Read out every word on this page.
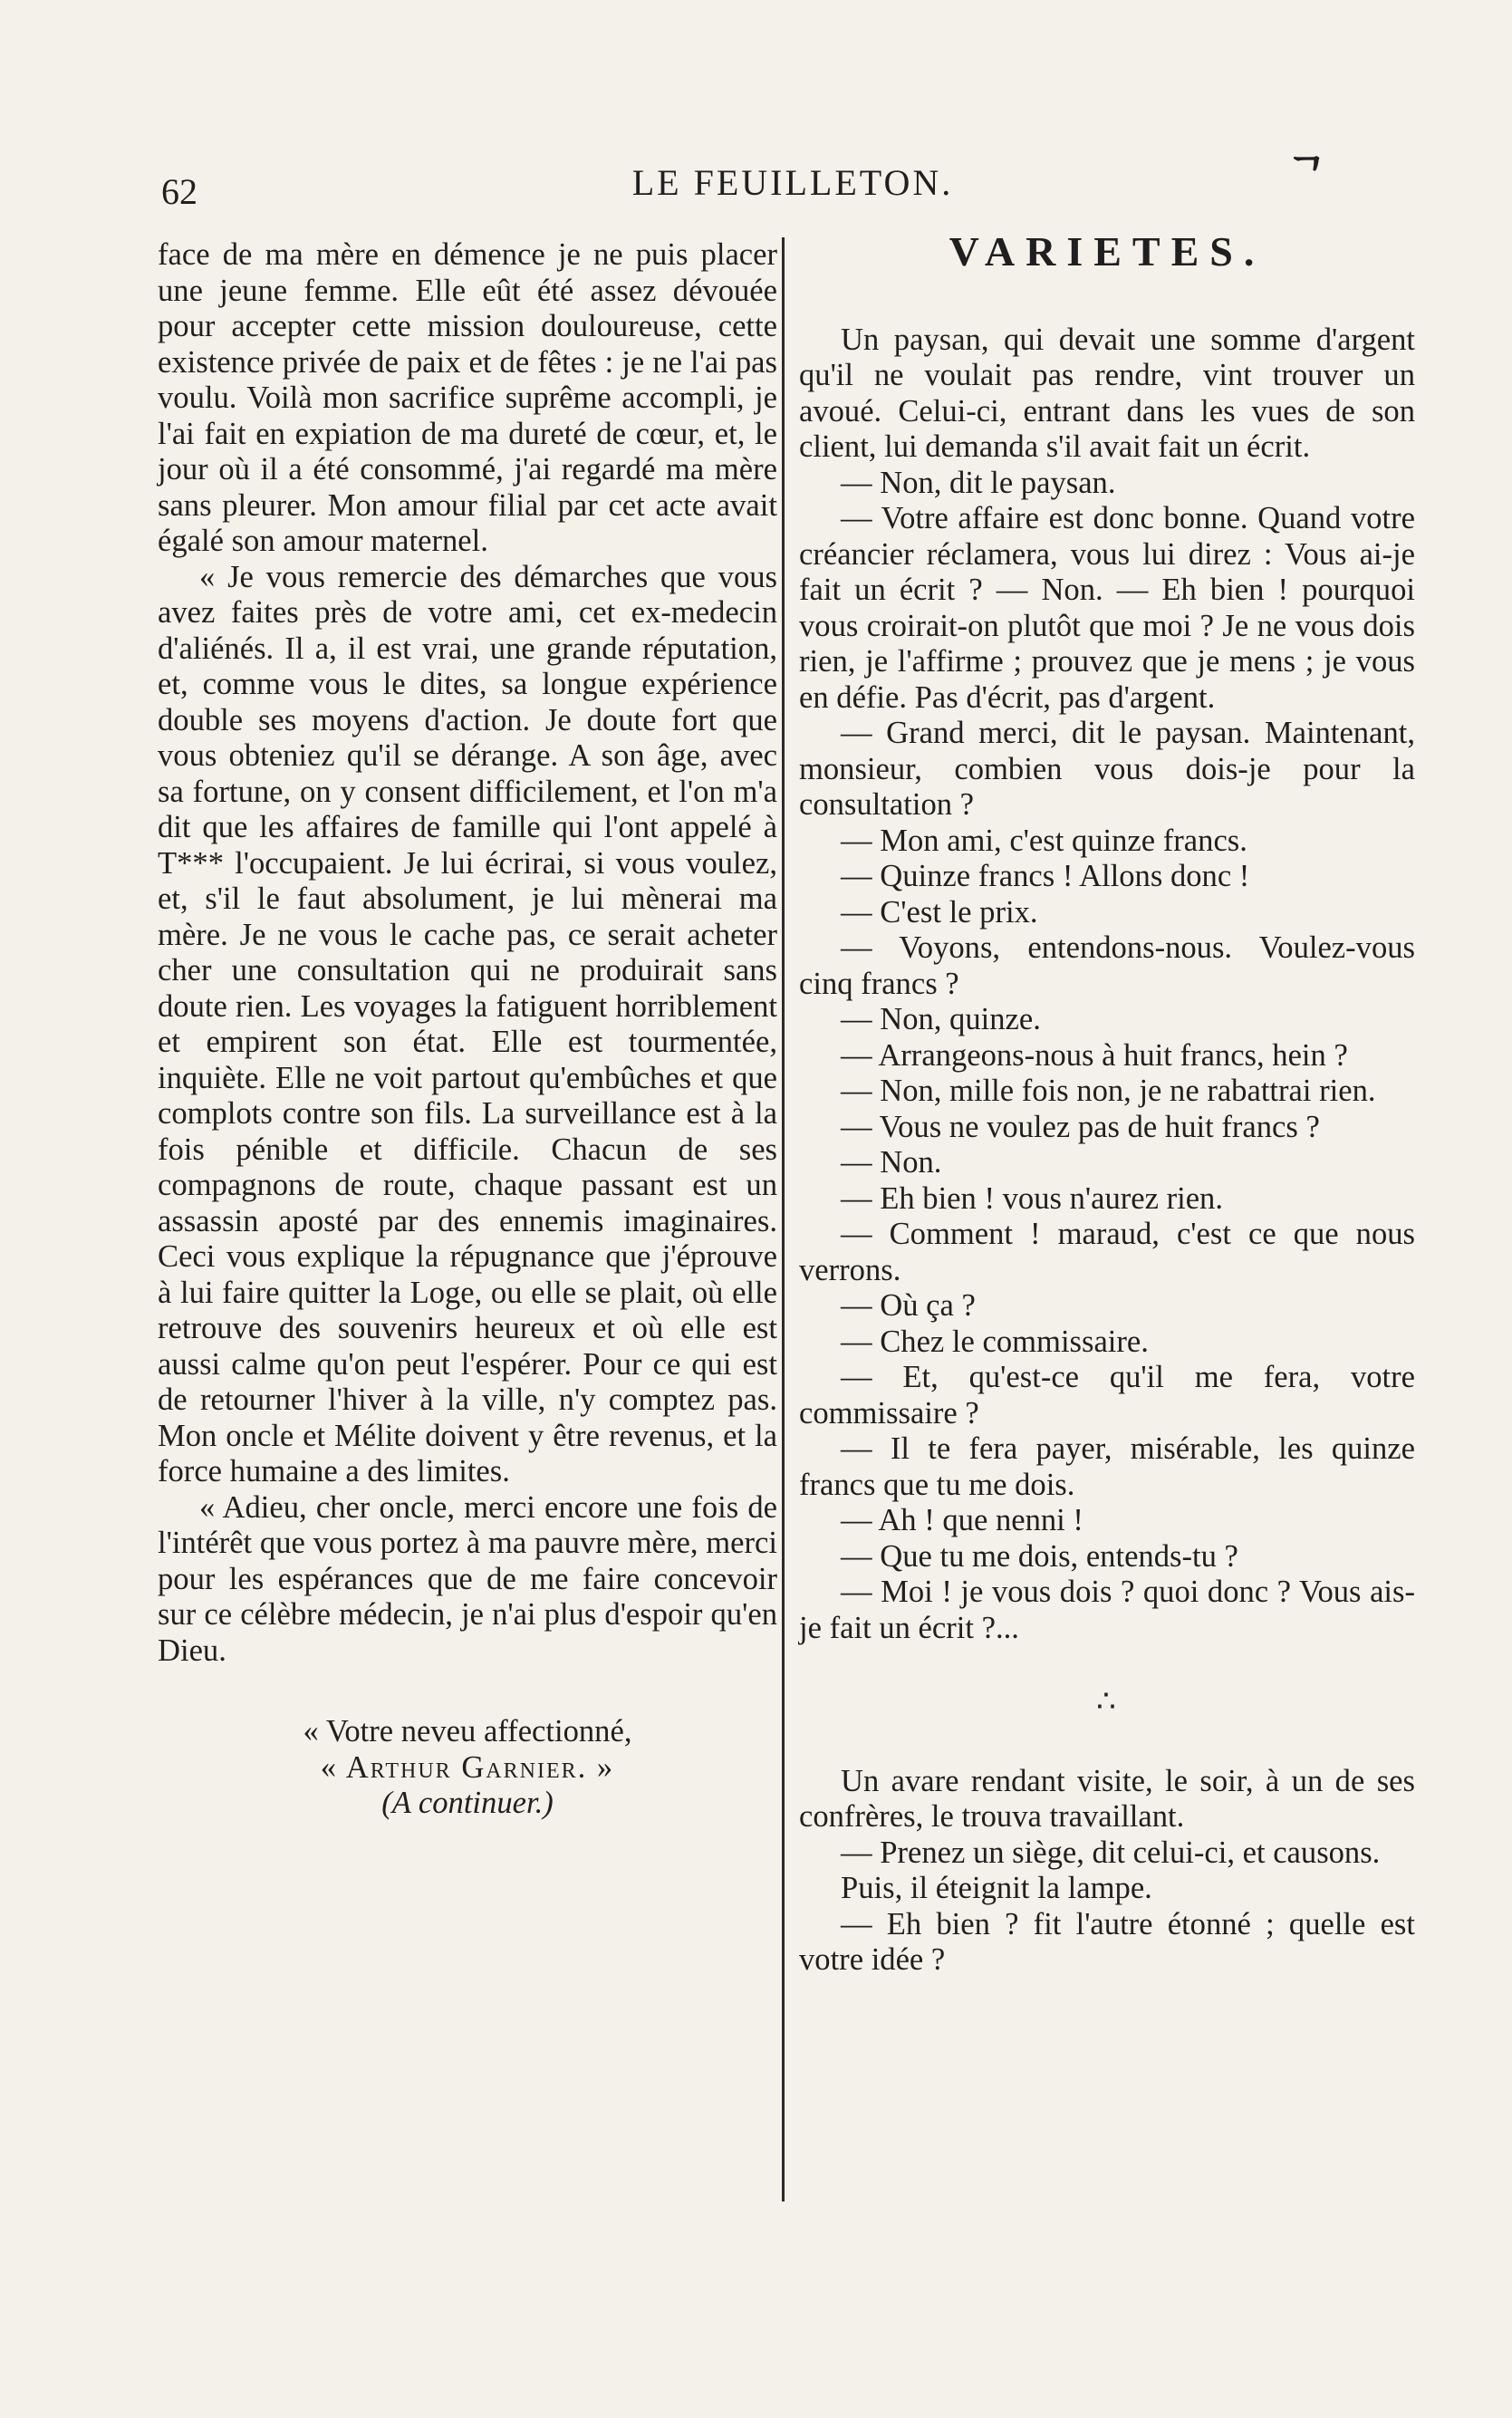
62	LE FEUILLETON.	ᄀ

face de ma mère en démence je ne puis placer une jeune femme. Elle eût été assez dévouée pour accepter cette mission douloureuse, cette existence privée de paix et de fêtes : je ne l'ai pas voulu. Voilà mon sacrifice suprême accompli, je l'ai fait en expiation de ma dureté de cœur, et, le jour où il a été consommé, j'ai regardé ma mère sans pleurer. Mon amour filial par cet acte avait égalé son amour maternel.

« Je vous remercie des démarches que vous avez faites près de votre ami, cet ex-medecin d'aliénés. Il a, il est vrai, une grande réputation, et, comme vous le dites, sa longue expérience double ses moyens d'action. Je doute fort que vous obteniez qu'il se dérange. A son âge, avec sa fortune, on y consent difficilement, et l'on m'a dit que les affaires de famille qui l'ont appelé à T*** l'occupaient. Je lui écrirai, si vous voulez, et, s'il le faut absolument, je lui mènerai ma mère. Je ne vous le cache pas, ce serait acheter cher une consultation qui ne produirait sans doute rien. Les voyages la fatiguent horriblement et empirent son état. Elle est tourmentée, inquiète. Elle ne voit partout qu'embûches et que complots contre son fils. La surveillance est à la fois pénible et difficile. Chacun de ses compagnons de route, chaque passant est un assassin aposté par des ennemis imaginaires. Ceci vous explique la répugnance que j'éprouve à lui faire quitter la Loge, ou elle se plait, où elle retrouve des souvenirs heureux et où elle est aussi calme qu'on peut l'espérer. Pour ce qui est de retourner l'hiver à la ville, n'y comptez pas. Mon oncle et Mélite doivent y être revenus, et la force humaine a des limites.

« Adieu, cher oncle, merci encore une fois de l'intérêt que vous portez à ma pauvre mère, merci pour les espérances que de me faire concevoir sur ce célèbre médecin, je n'ai plus d'espoir qu'en Dieu.

« Votre neveu affectionné,

« Arthur Garnier. »

(A continuer.)

VARIETES.

Un paysan, qui devait une somme d'argent qu'il ne voulait pas rendre, vint trouver un avoué. Celui-ci, entrant dans les vues de son client, lui demanda s'il avait fait un écrit.

— Non, dit le paysan.

— Votre affaire est donc bonne. Quand votre créancier réclamera, vous lui direz : Vous ai-je fait un écrit ? — Non. — Eh bien ! pourquoi vous croirait-on plutôt que moi ? Je ne vous dois rien, je l'affirme ; prouvez que je mens ; je vous en défie. Pas d'écrit, pas d'argent.

— Grand merci, dit le paysan. Maintenant, monsieur, combien vous dois-je pour la consultation ?

— Mon ami, c'est quinze francs.

— Quinze francs ! Allons donc !

— C'est le prix.

— Voyons, entendons-nous. Voulez-vous cinq francs ?

— Non, quinze.

— Arrangeons-nous à huit francs, hein ?

— Non, mille fois non, je ne rabattrai rien.

— Vous ne voulez pas de huit francs ?

— Non.

— Eh bien ! vous n'aurez rien.

— Comment ! maraud, c'est ce que nous verrons.

— Où ça ?

— Chez le commissaire.

— Et, qu'est-ce qu'il me fera, votre commissaire ?

— Il te fera payer, misérable, les quinze francs que tu me dois.

— Ah ! que nenni !

— Que tu me dois, entends-tu ?

— Moi ! je vous dois ? quoi donc ? Vous ais-je fait un écrit ?...

∴

Un avare rendant visite, le soir, à un de ses confrères, le trouva travaillant.

— Prenez un siège, dit celui-ci, et causons.

Puis, il éteignit la lampe.

— Eh bien ? fit l'autre étonné ; quelle est votre idée ?
